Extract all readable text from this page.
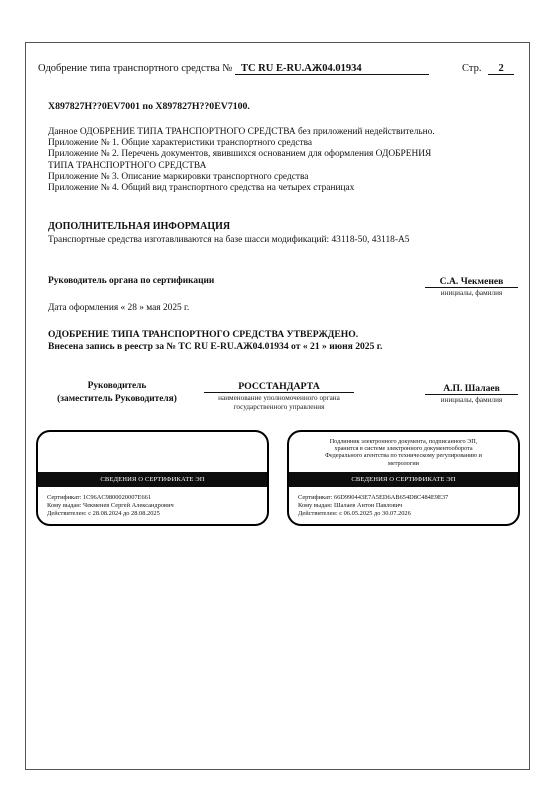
Одобрение типа транспортного средства № TC RU E-RU.АЖ04.01934	Стр. 2
X897827H??0EV7001 по X897827H??0EV7100.
Данное ОДОБРЕНИЕ ТИПА ТРАНСПОРТНОГО СРЕДСТВА без приложений недействительно.
Приложение № 1. Общие характеристики транспортного средства
Приложение № 2. Перечень документов, явившихся основанием для оформления ОДОБРЕНИЯ
ТИПА ТРАНСПОРТНОГО СРЕДСТВА
Приложение № 3. Описание маркировки транспортного средства
Приложение № 4. Общий вид транспортного средства на четырех страницах
ДОПОЛНИТЕЛЬНАЯ ИНФОРМАЦИЯ
Транспортные средства изготавливаются на базе шасси модификаций: 43118-50, 43118-A5
Руководитель органа по сертификации	С.А. Чекменев
инициалы, фамилия
Дата оформления « 28 » мая 2025 г.
ОДОБРЕНИЕ ТИПА ТРАНСПОРТНОГО СРЕДСТВА УТВЕРЖДЕНО.
Внесена запись в реестр за № TC RU E-RU.АЖ04.01934 от « 21 » июня 2025 г.
Руководитель
(заместитель Руководителя)
РОССТАНДАРТА
наименование уполномоченного органа
государственного управления
А.П. Шалаев
инициалы, фамилия
СВЕДЕНИЯ О СЕРТИФИКАТЕ ЭП
Сертификат: 1C96AC9800020007E661
Кому выдан: Чекменев Сергей Александрович
Действителен: с 28.08.2024 до 28.08.2025
Подлинник электронного документа, подписанного ЭП,
хранится в системе электронного документооборота
Федерального агентства по техническому регулированию и
метрологии
СВЕДЕНИЯ О СЕРТИФИКАТЕ ЭП
Сертификат: 66D990443E7A5ED6AB654D8C484E9E37
Кому выдан: Шалаев Антон Павлович
Действителен: с 06.05.2025 до 30.07.2026
